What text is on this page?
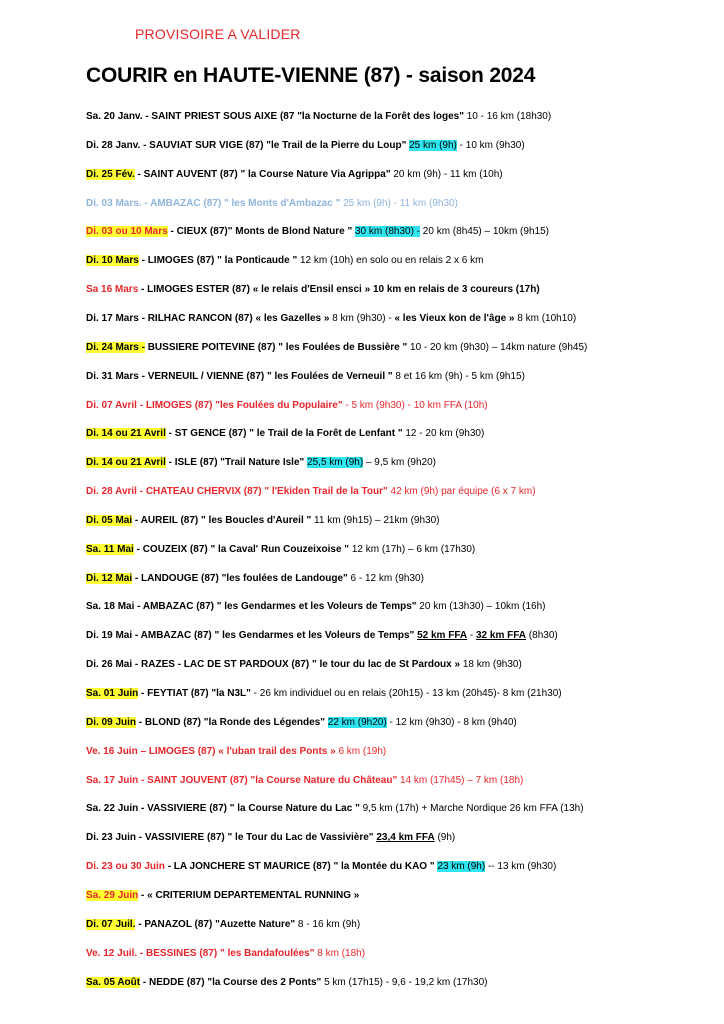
PROVISOIRE A VALIDER
COURIR en HAUTE-VIENNE (87) - saison 2024
Sa. 20 Janv. - SAINT PRIEST SOUS AIXE (87 "la Nocturne de la Forêt des loges" 10 - 16 km (18h30)
Di. 28 Janv. - SAUVIAT SUR VIGE (87) "le Trail de la Pierre du Loup" 25 km (9h) - 10 km (9h30)
Di. 25 Fév. - SAINT AUVENT (87) " la Course Nature Via Agrippa" 20 km (9h) - 11 km (10h)
Di. 03 Mars. - AMBAZAC (87) " les Monts d'Ambazac " 25 km (9h) - 11 km (9h30)
Di. 03 ou 10 Mars - CIEUX (87)" Monts de Blond Nature " 30 km (8h30) - 20 km (8h45) – 10km (9h15)
Di. 10 Mars - LIMOGES (87) " la Ponticaude " 12 km (10h) en solo ou en relais 2 x 6 km
Sa 16 Mars - LIMOGES ESTER (87) « le relais d'Ensil ensci » 10 km en relais de 3 coureurs (17h)
Di. 17 Mars - RILHAC RANCON (87) « les Gazelles » 8 km (9h30) - « les Vieux kon de l'âge » 8 km (10h10)
Di. 24 Mars - BUSSIERE POITEVINE (87) " les Foulées de Bussière " 10 - 20 km (9h30) – 14km nature (9h45)
Di. 31 Mars - VERNEUIL / VIENNE (87) " les Foulées de Verneuil " 8 et 16 km (9h) - 5 km (9h15)
Di. 07 Avril - LIMOGES (87) "les Foulées du Populaire" - 5 km (9h30) - 10 km FFA (10h)
Di. 14 ou 21 Avril - ST GENCE (87) " le Trail de la Forêt de Lenfant " 12 - 20 km (9h30)
Di. 14 ou 21 Avril - ISLE (87) "Trail Nature Isle" 25,5 km (9h) – 9,5 km (9h20)
Di. 28 Avril - CHATEAU CHERVIX (87) " l'Ekiden Trail de la Tour" 42 km (9h) par équipe (6 x 7 km)
Di. 05 Mai - AUREIL (87) " les Boucles d'Aureil " 11 km (9h15) – 21km (9h30)
Sa. 11 Mai - COUZEIX (87) " la Caval' Run Couzeixoise " 12 km (17h) – 6 km (17h30)
Di. 12 Mai - LANDOUGE (87) "les foulées de Landouge" 6 - 12 km (9h30)
Sa. 18 Mai - AMBAZAC (87) " les Gendarmes et les Voleurs de Temps" 20 km (13h30) – 10km (16h)
Di. 19 Mai - AMBAZAC (87) " les Gendarmes et les Voleurs de Temps" 52 km FFA - 32 km FFA (8h30)
Di. 26 Mai - RAZES - LAC DE ST PARDOUX (87) " le tour du lac de St Pardoux » 18 km (9h30)
Sa. 01 Juin - FEYTIAT (87) "la N3L" - 26 km individuel ou en relais (20h15) - 13 km (20h45)- 8 km (21h30)
Di. 09 Juin - BLOND (87) "la Ronde des Légendes" 22 km (9h20) - 12 km (9h30) - 8 km (9h40)
Ve. 16 Juin – LIMOGES (87) « l'uban trail des Ponts » 6 km (19h)
Sa. 17 Juin - SAINT JOUVENT (87) "la Course Nature du Château" 14 km (17h45) – 7 km (18h)
Sa. 22 Juin - VASSIVIERE (87) " la Course Nature du Lac " 9,5 km (17h) + Marche Nordique 26 km FFA (13h)
Di. 23 Juin - VASSIVIERE (87) " le Tour du Lac de Vassivière" 23,4 km FFA (9h)
Di. 23 ou 30 Juin - LA JONCHERE ST MAURICE (87) " la Montée du KAO " 23 km (9h) -- 13 km (9h30)
Sa. 29 Juin - « CRITERIUM DEPARTEMENTAL RUNNING »
Di. 07 Juil. - PANAZOL (87) "Auzette Nature" 8 - 16 km (9h)
Ve. 12 Juil. - BESSINES (87) " les Bandafoulées" 8 km (18h)
Sa. 05 Août - NEDDE (87) "la Course des 2 Ponts" 5 km (17h15) - 9,6 - 19,2 km (17h30)
